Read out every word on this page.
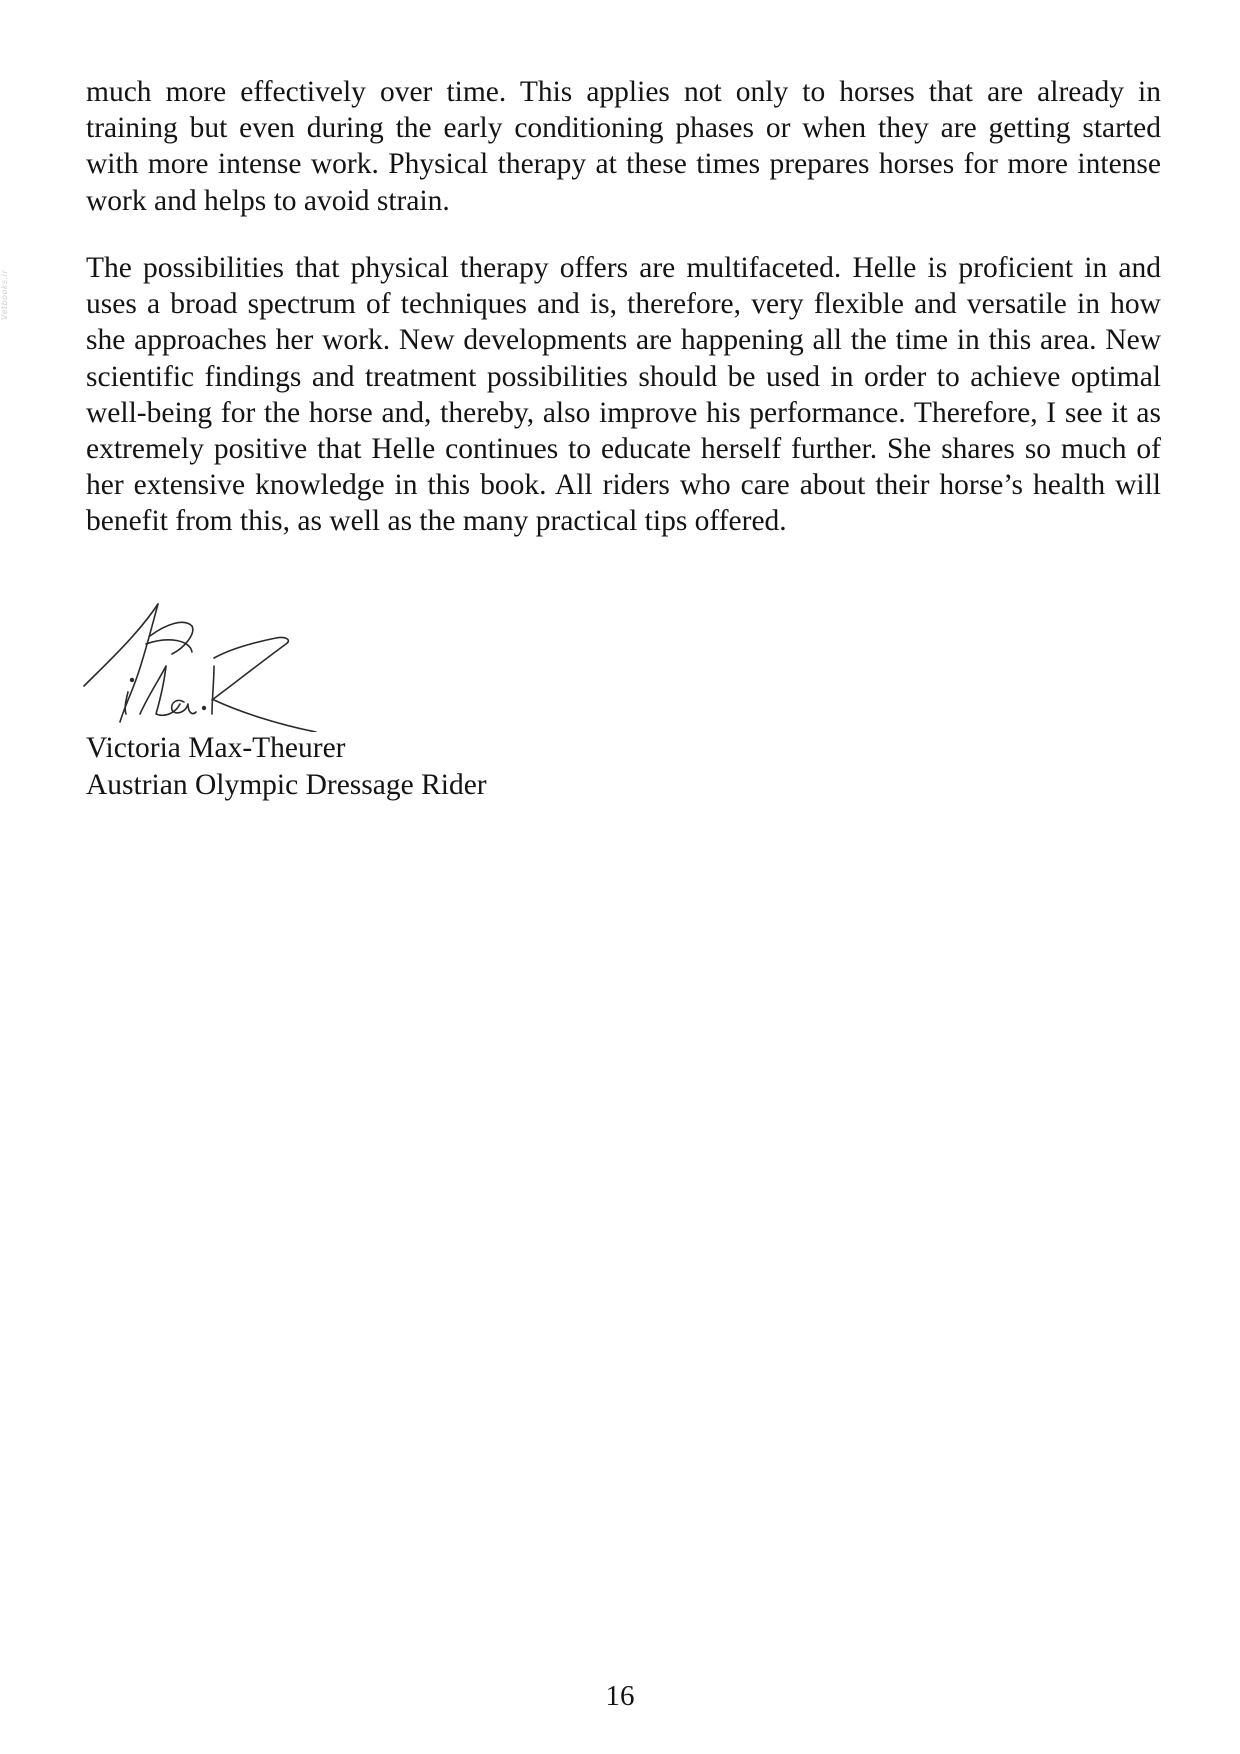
Vetbooks.ir

much more effectively over time. This applies not only to horses that are already in training but even during the early conditioning phases or when they are getting started with more intense work. Physical therapy at these times prepares horses for more intense work and helps to avoid strain.

The possibilities that physical therapy offers are multifaceted. Helle is proficient in and uses a broad spectrum of techniques and is, therefore, very flexible and versatile in how she approaches her work. New developments are happening all the time in this area. New scientific findings and treatment possibilities should be used in order to achieve optimal well-being for the horse and, thereby, also improve his performance. Therefore, I see it as extremely positive that Helle continues to educate herself further. She shares so much of her extensive knowledge in this book. All riders who care about their horse’s health will benefit from this, as well as the many practical tips offered.

Victoria Max-Theurer
Austrian Olympic Dressage Rider
16
